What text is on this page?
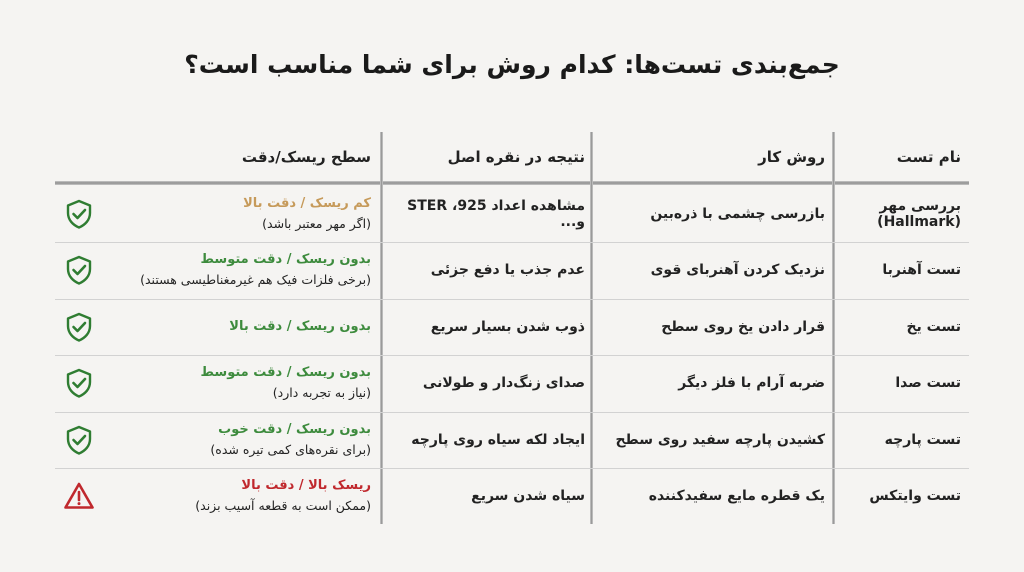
جمع‌بندی تست‌ها: کدام روش برای شما مناسب است؟
نام تست
روش کار
نتیجه در نقره اصل
سطح ریسک/دقت
بررسی مهر (Hallmark)
بازرسی چشمی با ذره‌بین
مشاهده اعداد 925، STER و...
کم ریسک / دقت بالا
(اگر مهر معتبر باشد)
تست آهنربا
نزدیک کردن آهنربای قوی
عدم جذب یا دفع جزئی
بدون ریسک / دقت متوسط
(برخی فلزات فیک هم غیرمغناطیسی هستند)
تست یخ
قرار دادن یخ روی سطح
ذوب شدن بسیار سریع
بدون ریسک / دقت بالا
تست صدا
ضربه آرام با فلز دیگر
صدای زنگ‌دار و طولانی
بدون ریسک / دقت متوسط
(نیاز به تجربه دارد)
تست پارچه
کشیدن پارچه سفید روی سطح
ایجاد لکه سیاه روی پارچه
بدون ریسک / دقت خوب
(برای نقره‌های کمی تیره شده)
تست وایتکس
یک قطره مایع سفیدکننده
سیاه شدن سریع
ریسک بالا / دقت بالا
(ممکن است به قطعه آسیب بزند)
